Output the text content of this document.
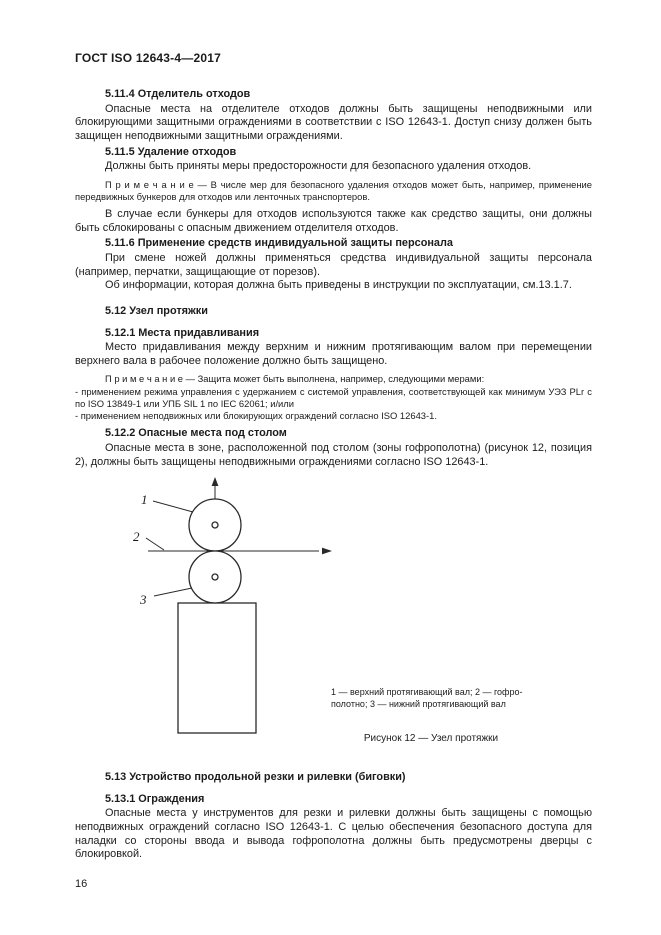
ГОСТ ISO 12643-4—2017
5.11.4 Отделитель отходов

Опасные места на отделителе отходов должны быть защищены неподвижными или блокирующими защитными ограждениями в соответствии с ISO 12643-1. Доступ снизу должен быть защищен неподвижными защитными ограждениями.

5.11.5 Удаление отходов

Должны быть приняты меры предосторожности для безопасного удаления отходов.

П р и м е ч а н и е — В числе мер для безопасного удаления отходов может быть, например, применение передвижных бункеров для отходов или ленточных транспортеров.

В случае если бункеры для отходов используются также как средство защиты, они должны быть сблокированы с опасным движением отделителя отходов.

5.11.6 Применение средств индивидуальной защиты персонала

При смене ножей должны применяться средства индивидуальной защиты персонала (например, перчатки, защищающие от порезов).

Об информации, которая должна быть приведены в инструкции по эксплуатации, см.13.1.7.

5.12 Узел протяжки
5.12.1 Места придавливания

Место придавливания между верхним и нижним протягивающим валом при перемещении верхнего вала в рабочее положение должно быть защищено.

П р и м е ч а н и е — Защита может быть выполнена, например, следующими мерами:

- применением режима управления с удержанием с системой управления, соответствующей как минимум УЭЗ PLr с по ISO 13849-1 или УПБ SIL 1 по IEC 62061; и/или

- применением неподвижных или блокирующих ограждений согласно ISO 12643-1.

5.12.2 Опасные места под столом

Опасные места в зоне, расположенной под столом (зоны гофрополотна) (рисунок 12, позиция 2), должны быть защищены неподвижными ограждениями согласно ISO 12643-1.

1
2
3
1 — верхний протягивающий вал; 2 — гофро-
полотно; 3 — нижний протягивающий вал
Рисунок 12 — Узел протяжки
5.13 Устройство продольной резки и рилевки (биговки)
5.13.1 Ограждения

Опасные места у инструментов для резки и рилевки должны быть защищены с помощью неподвижных ограждений согласно ISO 12643-1. С целью обеспечения безопасного доступа для наладки со стороны ввода и вывода гофрополотна должны быть предусмотрены дверцы с блокировкой.

16
